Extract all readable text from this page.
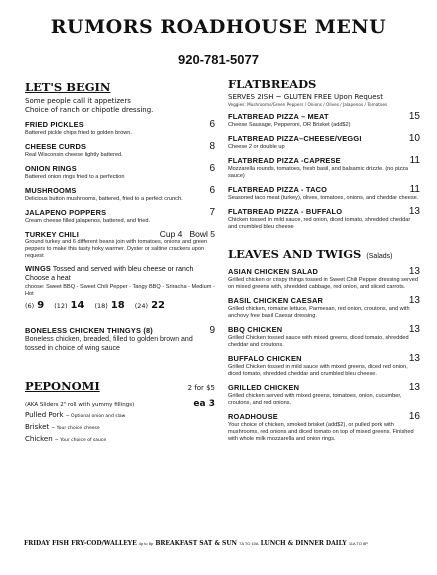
RUMORS ROADHOUSE MENU
920-781-5077
LET'S BEGIN
Some people call it appetizers
Choice of ranch or chipotle dressing.
FRIED PICKLES	6
Battered pickle chips fried to golden brown.
CHEESE CURDS	8
Real Wisconsin cheese lightly battered.
ONION RINGS	6
Battered onion rings fried to a perfection
MUSHROOMS	6
Delicious button mushrooms, battered, fried to a perfect crunch.
JALAPENO POPPERS	7
Cream cheese filled jalapenos, battered, and fried.
TURKEY CHILI	Cup 4 Bowl 5
Ground turkey and 6 different beans join with tomatoes, onions and green peppers to make this tasty hoky warmer. Oyster or saltine crackers upon request
WINGS Tossed and served with bleu cheese or ranch Choose a heat
choose: Sweet BBQ - Sweet Chili Pepper - Tangy BBQ - Sriracha - Medium - Hot
(6) 9 (12) 14 (18) 18 (24) 22
BONELESS CHICKEN THINGYS (8)	9
Boneless chicken, breaded, filled to golden brown and tossed in choice of wing sauce
PEPONOMI	2 for $5
(AKA Sliders 2" roll with yummy fillings)	ea 3
Pulled Pork ~ Optional onion and slaw
Brisket ~ Your choice cheese
Chicken ~ Your choice of sauce
FLATBREADS
SERVES 2ISH ~ GLUTEN FREE Upon Request
Veggies: Mushrooms/Green Peppers / Onions / Olives / Jalapenos / Tomatoes
FLATBREAD PIZZA – MEAT	15
Cheese Sausage, Pepperoni, OR Brisket (add$2)
FLATBREAD PIZZA–CHEESE/VEGGI	10
Cheese 2 or double up
FLATBREAD PIZZA -CAPRESE	11
Mozzarella rounds, tomatoes, fresh basil, and balsamic drizzle. (no pizza sauce)
FLATBREAD PIZZA - TACO	11
Seasoned taco meat (turkey), olives, tomatoes, onions, and cheddar cheese.
FLATBREAD PIZZA - BUFFALO	13
Chicken tossed in mild sauce, red onion, diced tomato, shredded cheddar and crumbled bleu cheese
LEAVES AND TWIGS (Salads)
ASIAN CHICKEN SALAD	13
Grilled chicken or crispy things tossed in Sweet Chili Pepper dressing served on mixed greens with, shredded cabbage, red onion, and sliced carrots.
BASIL CHICKEN CAESAR	13
Grilled chicken, romaine lettuce, Parmesan, red onion, croutons, and with anchovy free basil Caesar dressing.
BBQ CHICKEN	13
Grilled Chicken tossed sauce with mixed greens, diced tomato, shredded cheddar and croutons.
BUFFALO CHICKEN	13
Grilled Chicken tossed in mild sauce with mixed greens, diced red onion, diced tomato, shredded cheddar and crumbled bleu cheese.
GRILLED CHICKEN	13
Grilled chicken served with mixed greens, tomatoes, onion, cucumber, croutons, and red onions.
ROADHOUSE	16
Your choice of chicken, smoked brisket (add$2), or pulled pork with mushrooms, red onions and diced tomato on top of mixed greens. Finished with whole milk mozzarella and onion rings.
FRIDAY FISH FRY-COD/WALLEYE 4p to 8p BREAKFAST SAT & SUN 7A TO 10A LUNCH & DINNER DAILY 11A TO 8P
